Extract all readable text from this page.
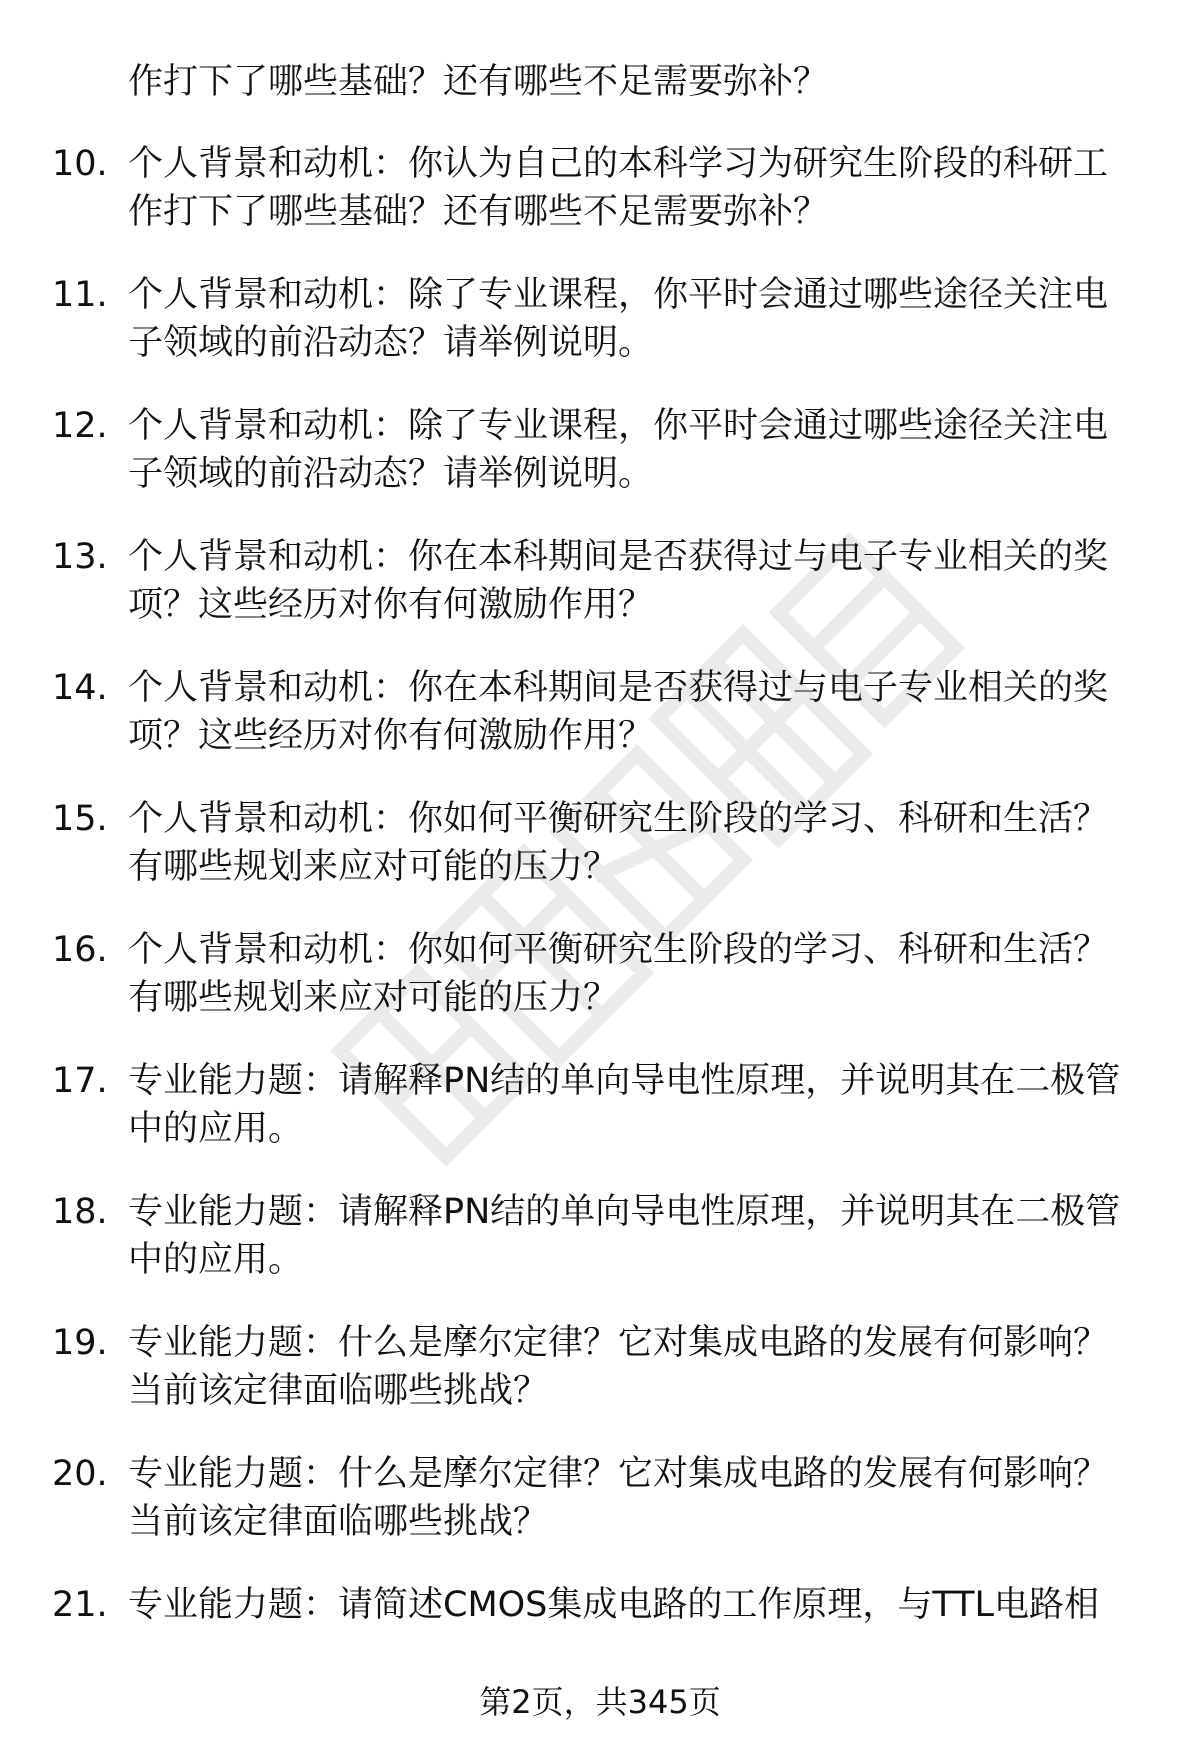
作打下了哪些基础？还有哪些不足需要弥补？
10. 个人背景和动机：你认为自己的本科学习为研究生阶段的科研工
作打下了哪些基础？还有哪些不足需要弥补？
11. 个人背景和动机：除了专业课程，你平时会通过哪些途径关注电
子领域的前沿动态？请举例说明。
12. 个人背景和动机：除了专业课程，你平时会通过哪些途径关注电
子领域的前沿动态？请举例说明。
13. 个人背景和动机：你在本科期间是否获得过与电子专业相关的奖
项？这些经历对你有何激励作用？
14. 个人背景和动机：你在本科期间是否获得过与电子专业相关的奖
项？这些经历对你有何激励作用？
15. 个人背景和动机：你如何平衡研究生阶段的学习、科研和生活？
有哪些规划来应对可能的压力？
16. 个人背景和动机：你如何平衡研究生阶段的学习、科研和生活？
有哪些规划来应对可能的压力？
17. 专业能力题：请解释PN结的单向导电性原理，并说明其在二极管
中的应用。
18. 专业能力题：请解释PN结的单向导电性原理，并说明其在二极管
中的应用。
19. 专业能力题：什么是摩尔定律？它对集成电路的发展有何影响？
当前该定律面临哪些挑战？
20. 专业能力题：什么是摩尔定律？它对集成电路的发展有何影响？
当前该定律面临哪些挑战？
21. 专业能力题：请简述CMOS集成电路的工作原理，与TTL电路相
第2页，共345页
